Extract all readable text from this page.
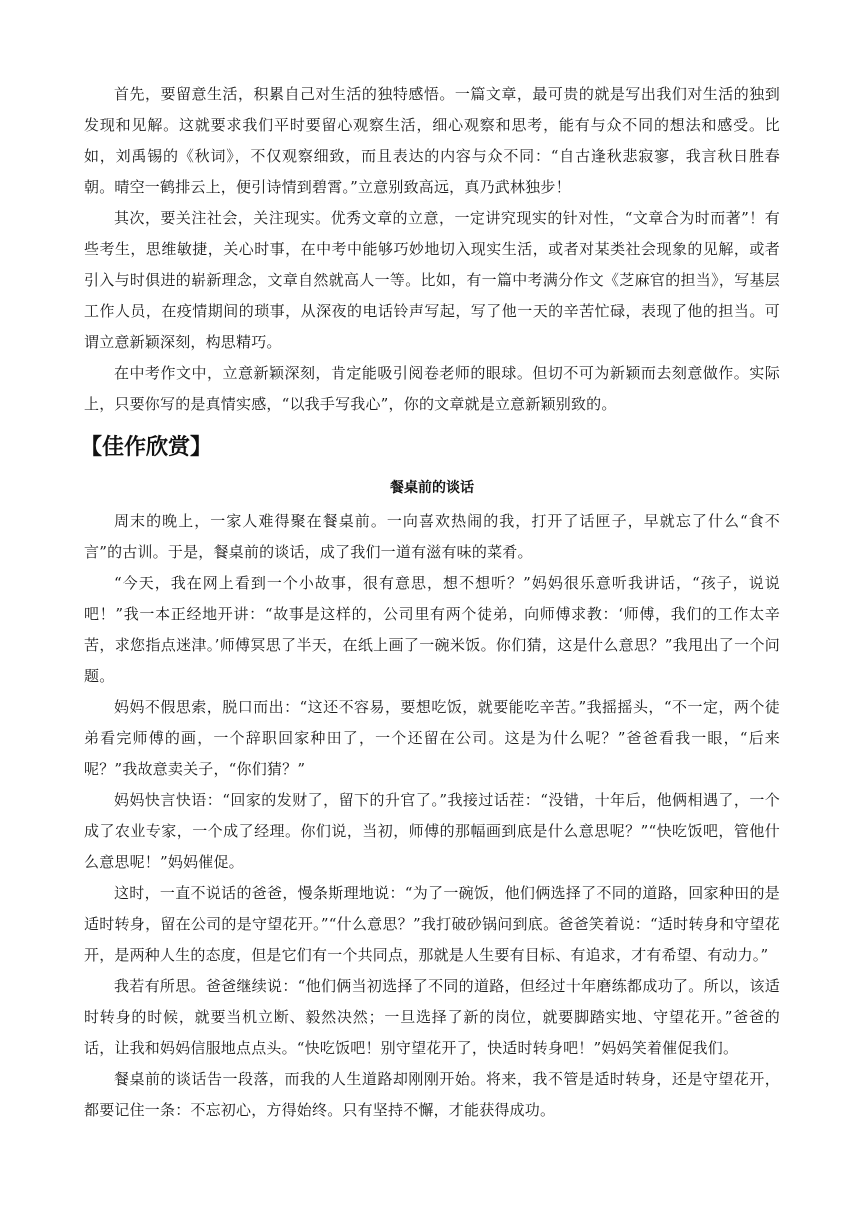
首先，要留意生活，积累自己对生活的独特感悟。一篇文章，最可贵的就是写出我们对生活的独到发现和见解。这就要求我们平时要留心观察生活，细心观察和思考，能有与众不同的想法和感受。比如，刘禹锡的《秋词》，不仅观察细致，而且表达的内容与众不同：“自古逢秋悲寂寥，我言秋日胜春朝。晴空一鹤排云上，便引诗情到碧霄。”立意别致高远，真乃武林独步！

其次，要关注社会，关注现实。优秀文章的立意，一定讲究现实的针对性，“文章合为时而著”！有些考生，思维敏捷，关心时事，在中考中能够巧妙地切入现实生活，或者对某类社会现象的见解，或者引入与时俱进的崭新理念，文章自然就高人一等。比如，有一篇中考满分作文《芝麻官的担当》，写基层工作人员，在疫情期间的琐事，从深夜的电话铃声写起，写了他一天的辛苦忙碌，表现了他的担当。可谓立意新颖深刻，构思精巧。

在中考作文中，立意新颖深刻，肯定能吸引阅卷老师的眼球。但切不可为新颖而去刻意做作。实际上，只要你写的是真情实感，“以我手写我心”，你的文章就是立意新颖别致的。

【佳作欣赏】
餐桌前的谈话

周末的晚上，一家人难得聚在餐桌前。一向喜欢热闹的我，打开了话匣子，早就忘了什么“食不言”的古训。于是，餐桌前的谈话，成了我们一道有滋有味的菜肴。

“今天，我在网上看到一个小故事，很有意思，想不想听？”妈妈很乐意听我讲话，“孩子，说说吧！”我一本正经地开讲：“故事是这样的，公司里有两个徒弟，向师傅求教：‘师傅，我们的工作太辛苦，求您指点迷津。’师傅冥思了半天，在纸上画了一碗米饭。你们猜，这是什么意思？”我甩出了一个问题。

妈妈不假思索，脱口而出：“这还不容易，要想吃饭，就要能吃辛苦。”我摇摇头，“不一定，两个徒弟看完师傅的画，一个辞职回家种田了，一个还留在公司。这是为什么呢？”爸爸看我一眼，“后来呢？”我故意卖关子，“你们猜？”

妈妈快言快语：“回家的发财了，留下的升官了。”我接过话茬：“没错，十年后，他俩相遇了，一个成了农业专家，一个成了经理。你们说，当初，师傅的那幅画到底是什么意思呢？”“快吃饭吧，管他什么意思呢！”妈妈催促。

这时，一直不说话的爸爸，慢条斯理地说：“为了一碗饭，他们俩选择了不同的道路，回家种田的是适时转身，留在公司的是守望花开。”“什么意思？”我打破砂锅问到底。爸爸笑着说：“适时转身和守望花开，是两种人生的态度，但是它们有一个共同点，那就是人生要有目标、有追求，才有希望、有动力。”

我若有所思。爸爸继续说：“他们俩当初选择了不同的道路，但经过十年磨练都成功了。所以，该适时转身的时候，就要当机立断、毅然决然；一旦选择了新的岗位，就要脚踏实地、守望花开。”爸爸的话，让我和妈妈信服地点点头。“快吃饭吧！别守望花开了，快适时转身吧！”妈妈笑着催促我们。

餐桌前的谈话告一段落，而我的人生道路却刚刚开始。将来，我不管是适时转身，还是守望花开，都要记住一条：不忘初心，方得始终。只有坚持不懈，才能获得成功。
